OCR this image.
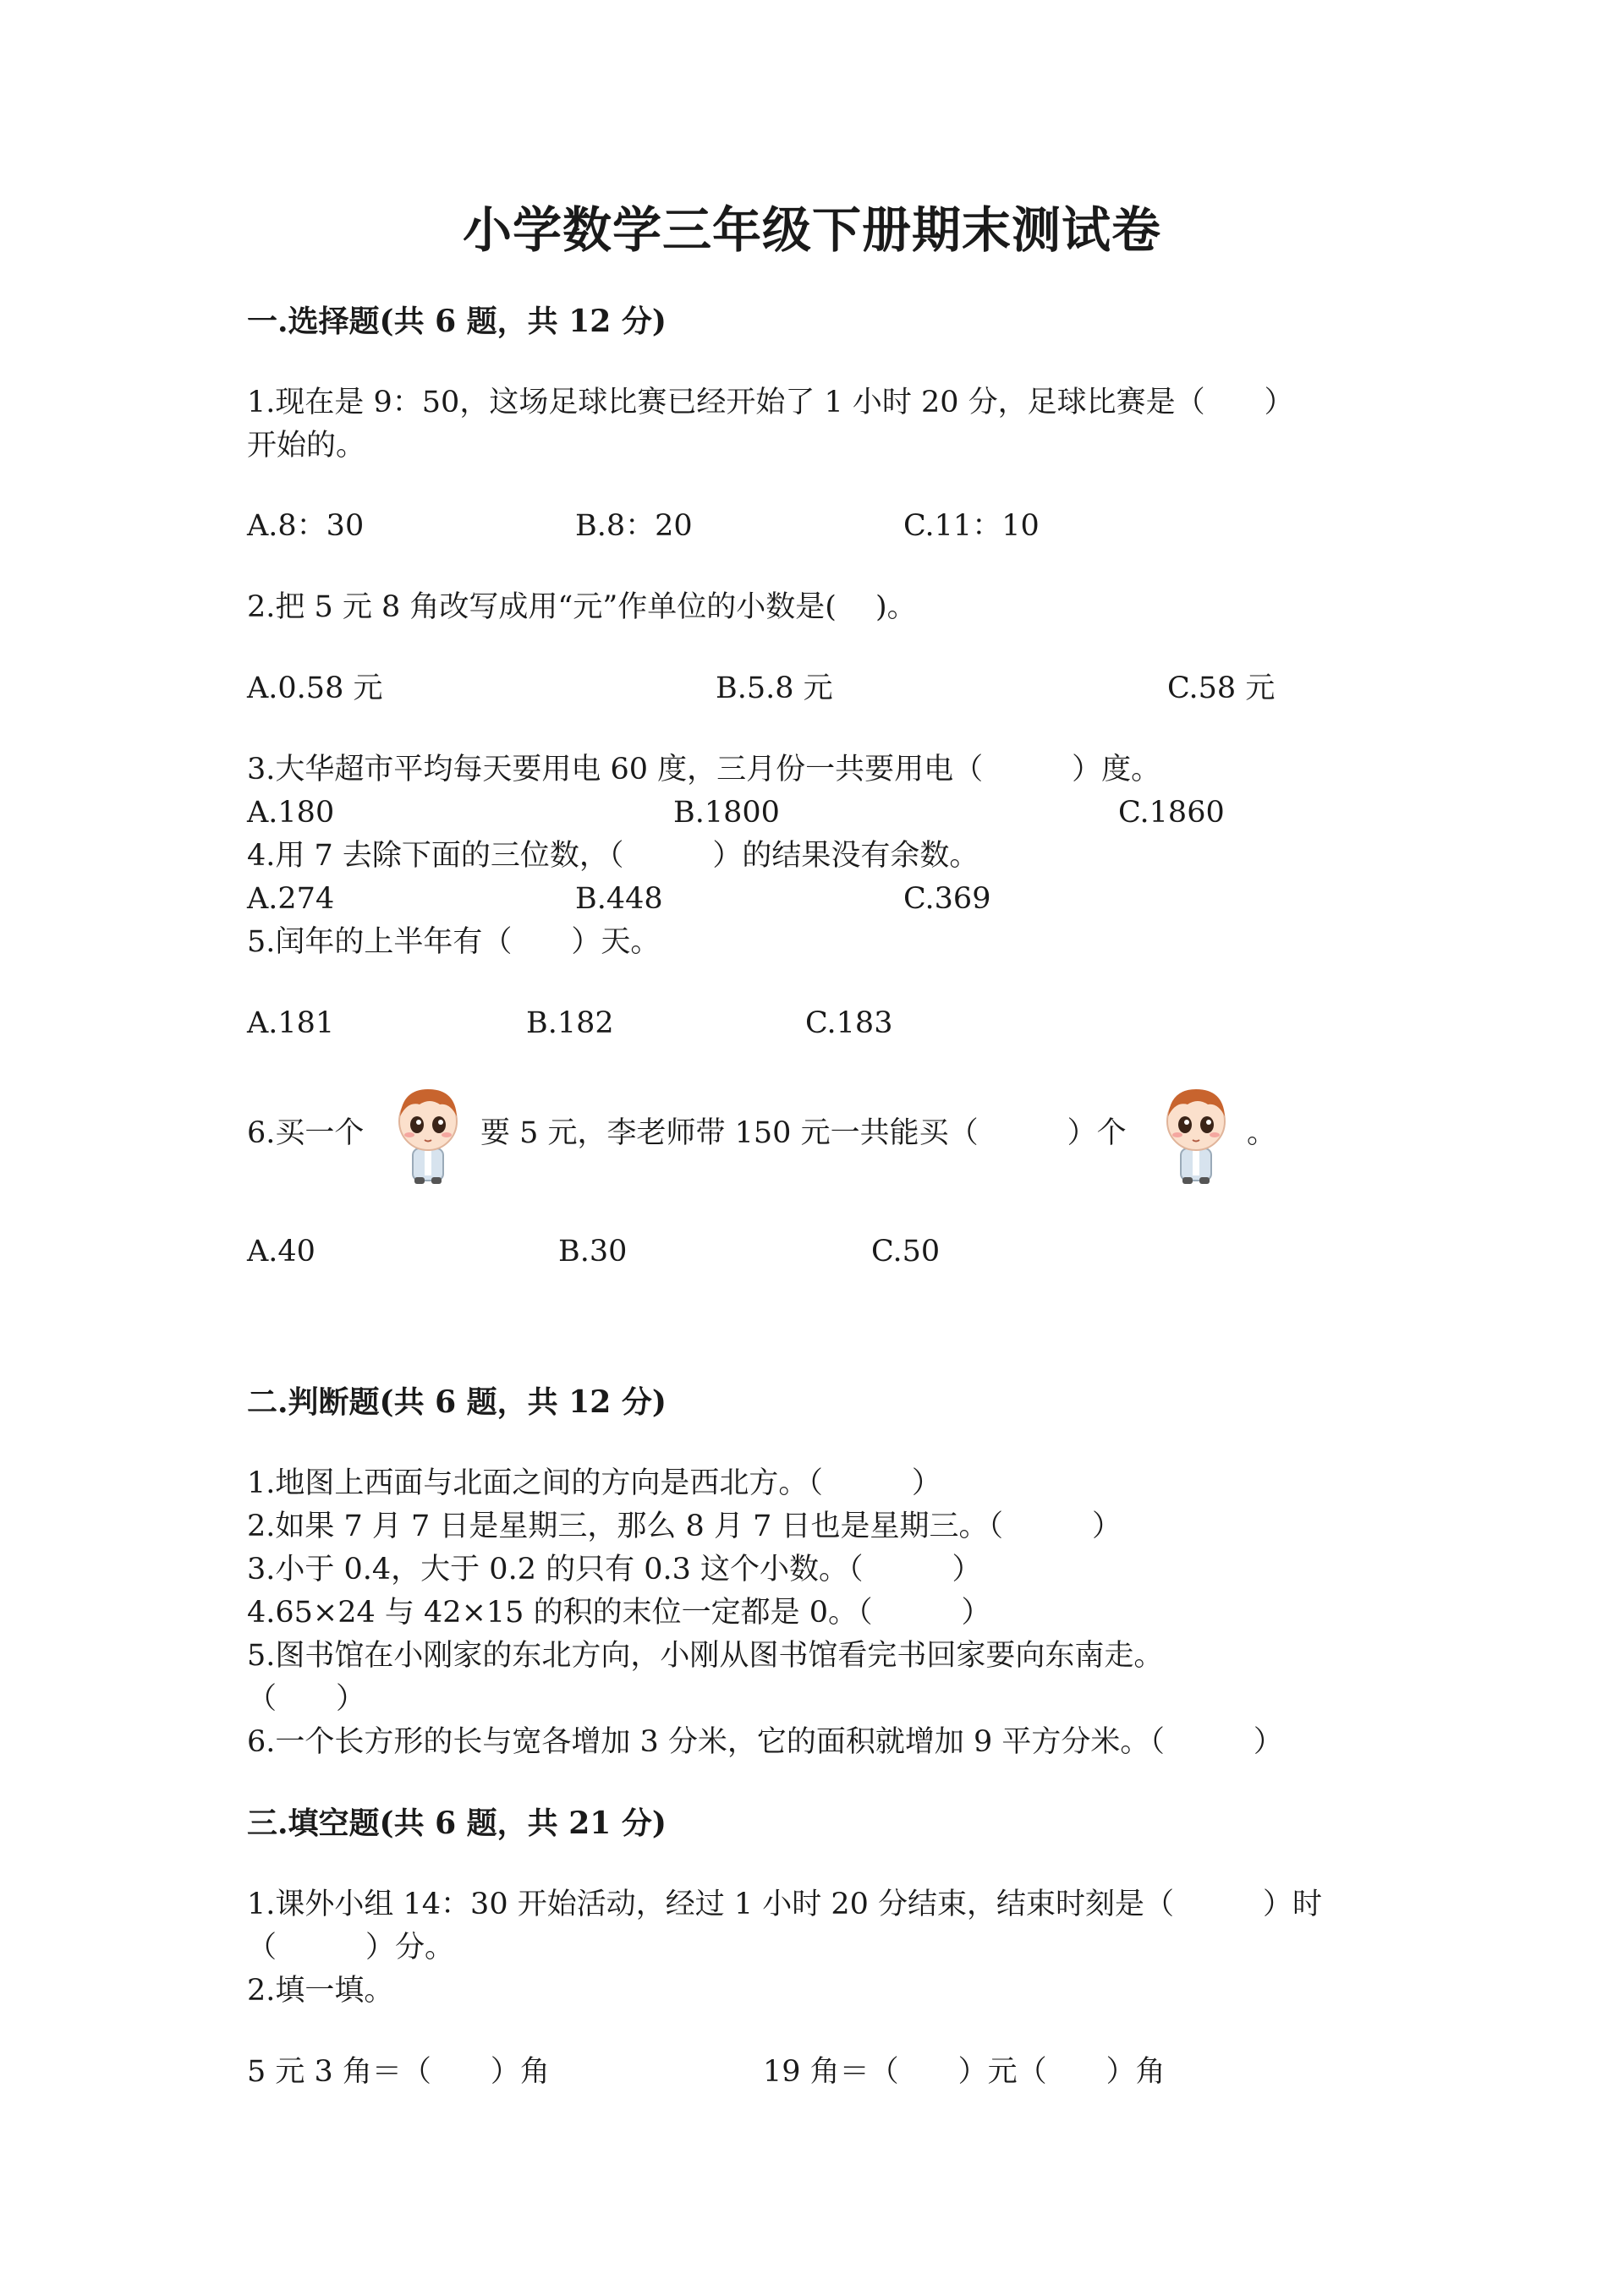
小学数学三年级下册期末测试卷
一.选择题(共 6 题，共 12 分)
1.现在是 9：50，这场足球比赛已经开始了 1 小时 20 分，足球比赛是（　　）
开始的。
A.8：30	B.8：20	C.11：10
2.把 5 元 8 角改写成用“元”作单位的小数是(　 )。
A.0.58 元	B.5.8 元	C.58 元
3.大华超市平均每天要用电 60 度，三月份一共要用电（　　　）度。
A.180	B.1800	C.1860
4.用 7 去除下面的三位数，（　　　）的结果没有余数。
A.274	B.448	C.369
5.闰年的上半年有（　　）天。
A.181	B.182	C.183
6.买一个	要 5 元，李老师带 150 元一共能买（　　　）个	。
A.40	B.30	C.50
二.判断题(共 6 题，共 12 分)
1.地图上西面与北面之间的方向是西北方。（　　　）
2.如果 7 月 7 日是星期三，那么 8 月 7 日也是星期三。（　　　）
3.小于 0.4，大于 0.2 的只有 0.3 这个小数。（　　　）
4.65×24 与 42×15 的积的末位一定都是 0。（　　　）
5.图书馆在小刚家的东北方向，小刚从图书馆看完书回家要向东南走。
（　　）
6.一个长方形的长与宽各增加 3 分米，它的面积就增加 9 平方分米。（　　　）
三.填空题(共 6 题，共 21 分)
1.课外小组 14：30 开始活动，经过 1 小时 20 分结束，结束时刻是（　　　）时
（　　　）分。
2.填一填。
5 元 3 角＝（　　）角	19 角＝（　　）元（　　）角
